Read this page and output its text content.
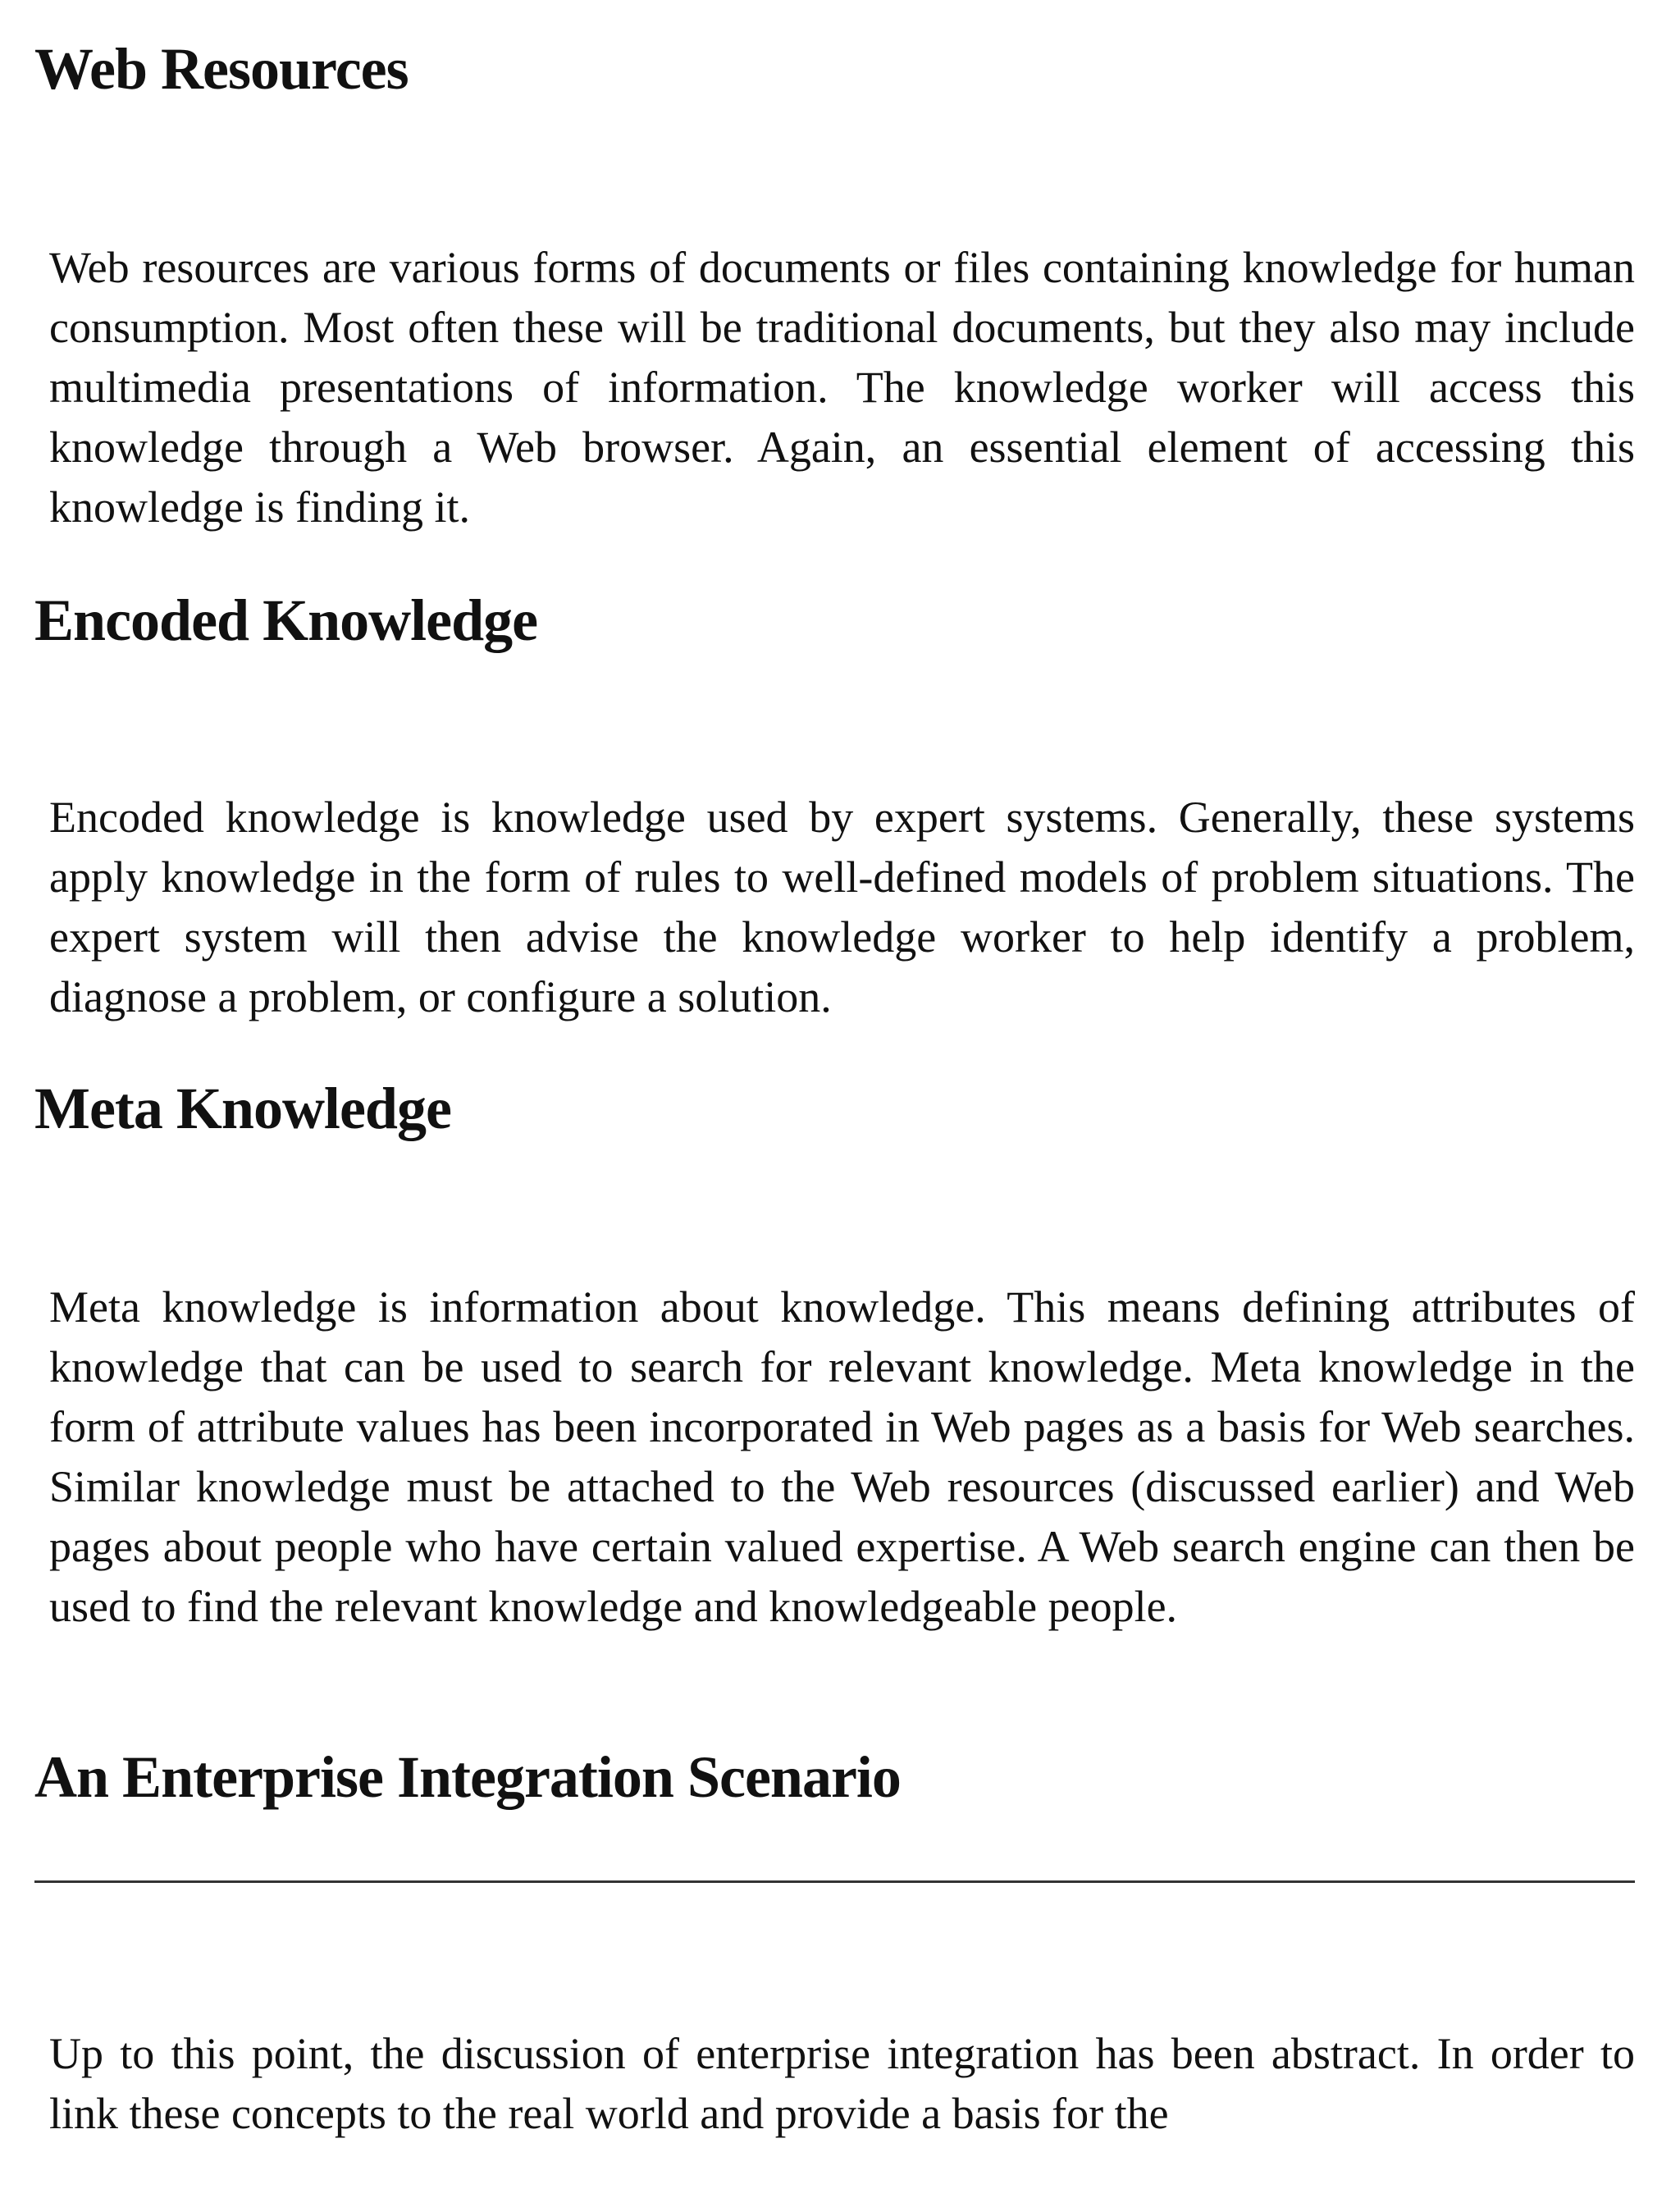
Web Resources

Web resources are various forms of documents or files containing knowledge for human consumption. Most often these will be traditional documents, but they also may include multimedia presentations of information. The knowledge worker will access this knowledge through a Web browser. Again, an essential element of accessing this knowledge is finding it.

Encoded Knowledge

Encoded knowledge is knowledge used by expert systems. Generally, these systems apply knowledge in the form of rules to well-defined models of problem situations. The expert system will then advise the knowledge worker to help identify a problem, diagnose a problem, or configure a solution.

Meta Knowledge

Meta knowledge is information about knowledge. This means defining attributes of knowledge that can be used to search for relevant knowledge. Meta knowledge in the form of attribute values has been incorporated in Web pages as a basis for Web searches. Similar knowledge must be attached to the Web resources (discussed earlier) and Web pages about people who have certain valued expertise. A Web search engine can then be used to find the relevant knowledge and knowledgeable people.

An Enterprise Integration Scenario

Up to this point, the discussion of enterprise integration has been abstract. In order to link these concepts to the real world and provide a basis for the
